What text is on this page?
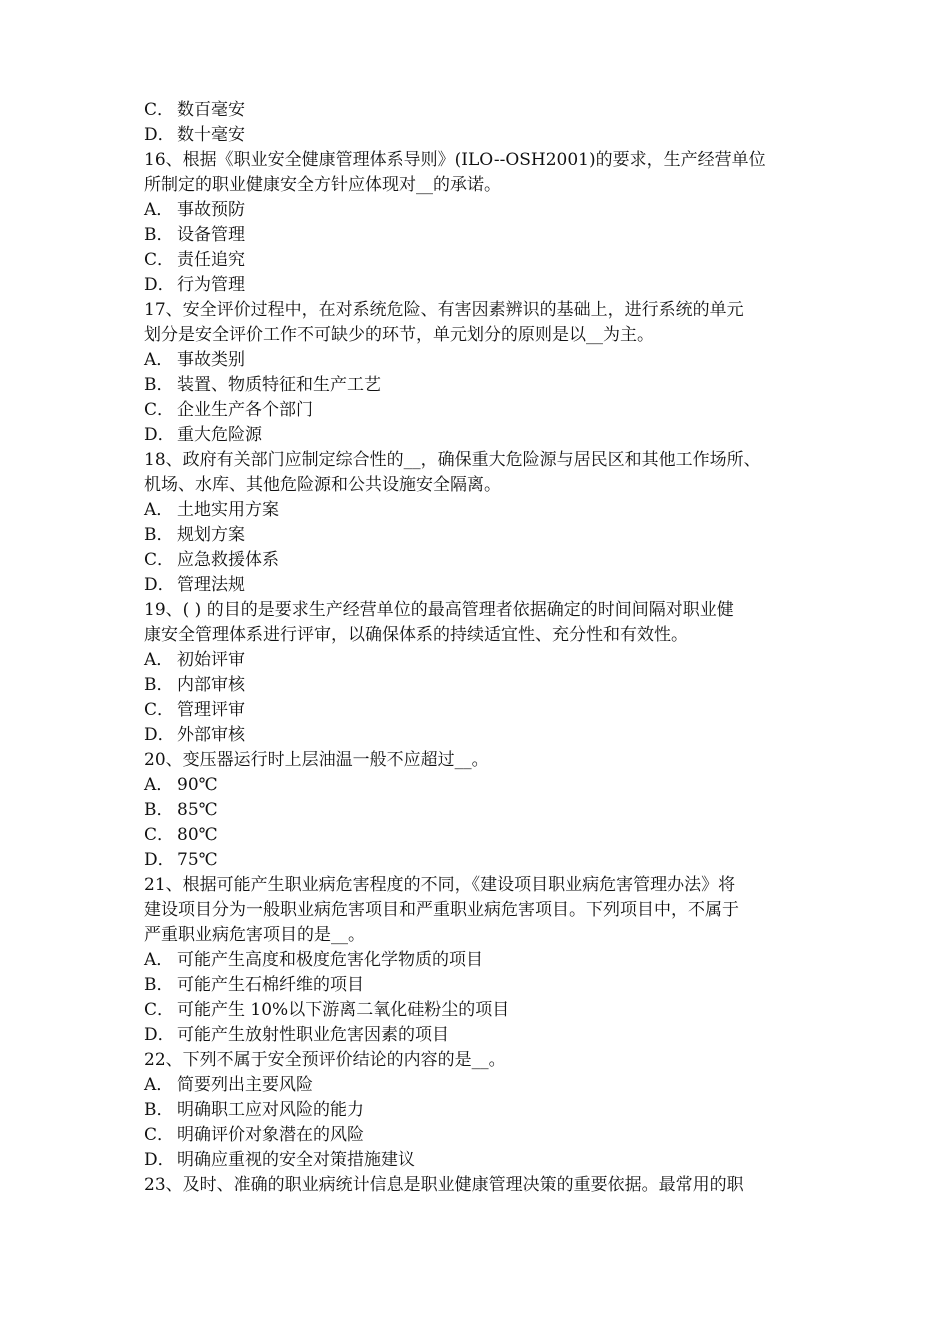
C． 数百毫安
D． 数十毫安
16、根据《职业安全健康管理体系导则》(ILO--OSH2001)的要求，生产经营单位
所制定的职业健康安全方针应体现对__的承诺。
A． 事故预防
B． 设备管理
C． 责任追究
D． 行为管理
17、安全评价过程中，在对系统危险、有害因素辨识的基础上，进行系统的单元
划分是安全评价工作不可缺少的环节，单元划分的原则是以__为主。
A． 事故类别
B． 装置、物质特征和生产工艺
C． 企业生产各个部门
D． 重大危险源
18、政府有关部门应制定综合性的__，确保重大危险源与居民区和其他工作场所、
机场、水库、其他危险源和公共设施安全隔离。
A． 土地实用方案
B． 规划方案
C． 应急救援体系
D． 管理法规
19、( ) 的目的是要求生产经营单位的最高管理者依据确定的时间间隔对职业健
康安全管理体系进行评审，以确保体系的持续适宜性、充分性和有效性。
A． 初始评审
B． 内部审核
C． 管理评审
D． 外部审核
20、变压器运行时上层油温一般不应超过__。
A． 90℃
B． 85℃
C． 80℃
D． 75℃
21、根据可能产生职业病危害程度的不同，《建设项目职业病危害管理办法》将
建设项目分为一般职业病危害项目和严重职业病危害项目。下列项目中，不属于
严重职业病危害项目的是__。
A． 可能产生高度和极度危害化学物质的项目
B． 可能产生石棉纤维的项目
C． 可能产生 10%以下游离二氧化硅粉尘的项目
D． 可能产生放射性职业危害因素的项目
22、下列不属于安全预评价结论的内容的是__。
A． 简要列出主要风险
B． 明确职工应对风险的能力
C． 明确评价对象潜在的风险
D． 明确应重视的安全对策措施建议
23、及时、准确的职业病统计信息是职业健康管理决策的重要依据。最常用的职
